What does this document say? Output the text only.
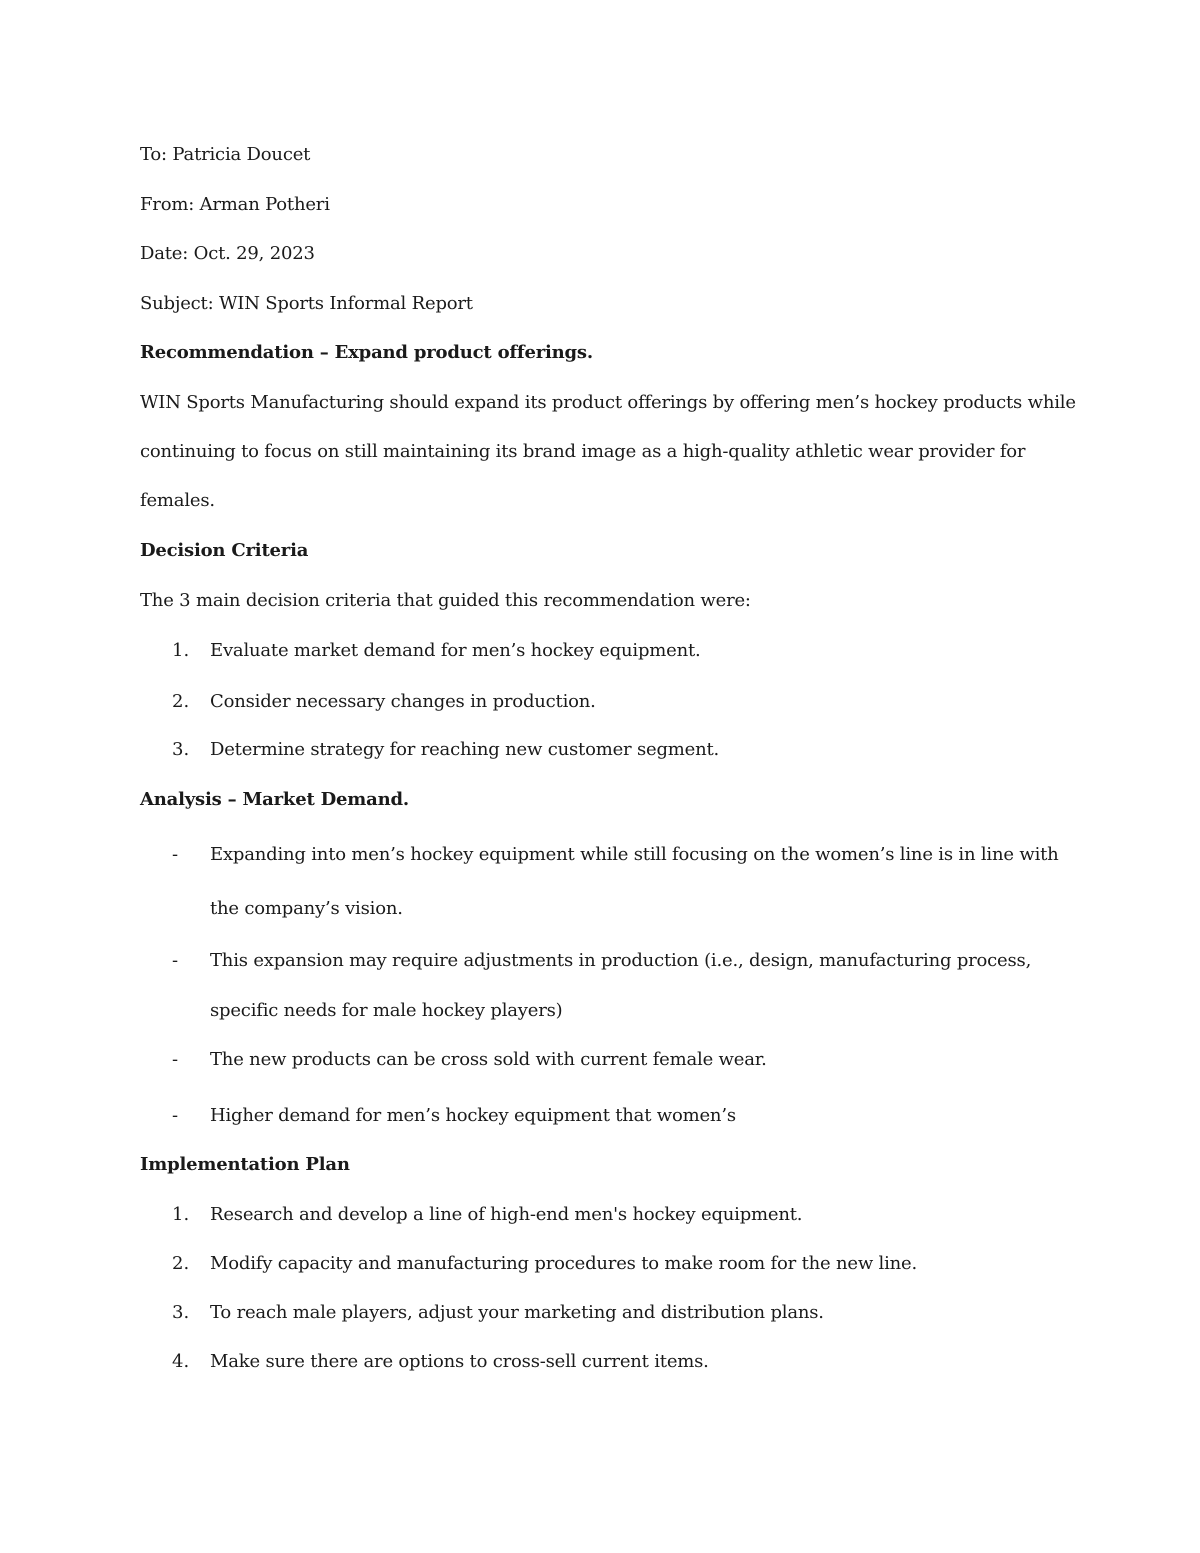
To: Patricia Doucet
From: Arman Potheri
Date: Oct. 29, 2023
Subject: WIN Sports Informal Report
Recommendation – Expand product offerings.
WIN Sports Manufacturing should expand its product offerings by offering men’s hockey products while
continuing to focus on still maintaining its brand image as a high-quality athletic wear provider for
females.
Decision Criteria
The 3 main decision criteria that guided this recommendation were:
1. Evaluate market demand for men’s hockey equipment.
2. Consider necessary changes in production.
3. Determine strategy for reaching new customer segment.
Analysis – Market Demand.
- Expanding into men’s hockey equipment while still focusing on the women’s line is in line with
the company’s vision.
- This expansion may require adjustments in production (i.e., design, manufacturing process,
specific needs for male hockey players)
- The new products can be cross sold with current female wear.
- Higher demand for men’s hockey equipment that women’s
Implementation Plan
1. Research and develop a line of high-end men's hockey equipment.
2. Modify capacity and manufacturing procedures to make room for the new line.
3. To reach male players, adjust your marketing and distribution plans.
4. Make sure there are options to cross-sell current items.
